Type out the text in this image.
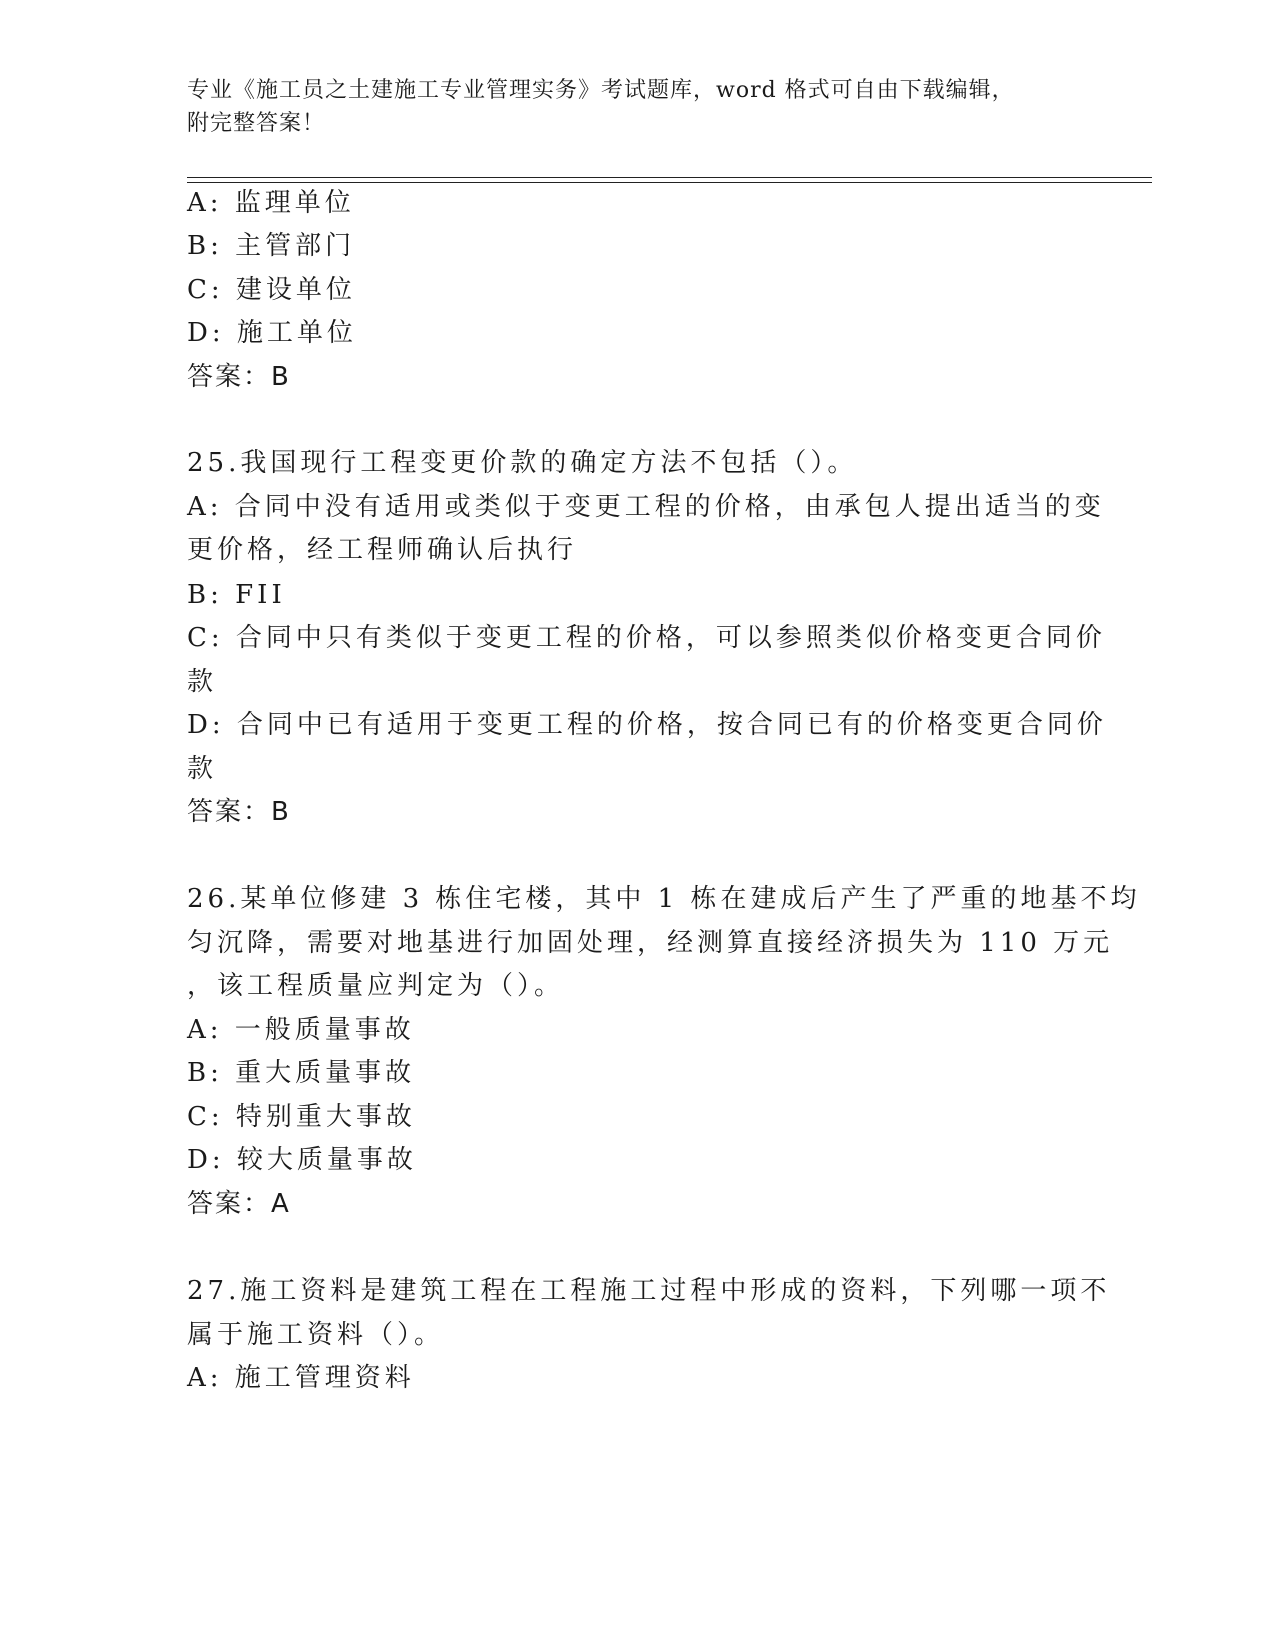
专业《施工员之土建施工专业管理实务》考试题库，word 格式可自由下载编辑，
附完整答案！
A: 监理单位
B: 主管部门
C: 建设单位
D: 施工单位
答案：B
25.我国现行工程变更价款的确定方法不包括（）。
A: 合同中没有适用或类似于变更工程的价格，由承包人提出适当的变
更价格，经工程师确认后执行
B: FII
C: 合同中只有类似于变更工程的价格，可以参照类似价格变更合同价
款
D: 合同中已有适用于变更工程的价格，按合同已有的价格变更合同价
款
答案：B
26.某单位修建 3 栋住宅楼，其中 1 栋在建成后产生了严重的地基不均
匀沉降，需要对地基进行加固处理，经测算直接经济损失为 110 万元
，该工程质量应判定为（）。
A: 一般质量事故
B: 重大质量事故
C: 特别重大事故
D: 较大质量事故
答案：A
27.施工资料是建筑工程在工程施工过程中形成的资料，下列哪一项不
属于施工资料（）。
A: 施工管理资料
